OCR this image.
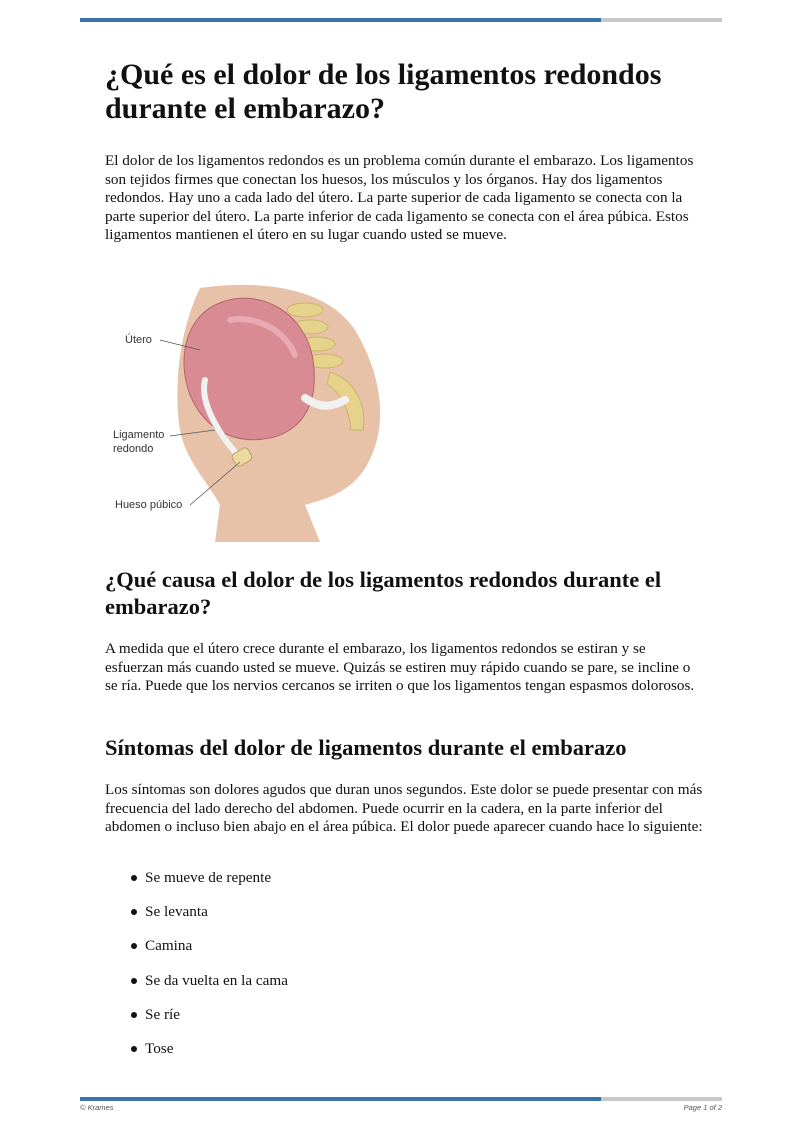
¿Qué es el dolor de los ligamentos redondos durante el embarazo?

El dolor de los ligamentos redondos es un problema común durante el embarazo. Los ligamentos son tejidos firmes que conectan los huesos, los músculos y los órganos. Hay dos ligamentos redondos. Hay uno a cada lado del útero. La parte superior de cada ligamento se conecta con la parte superior del útero. La parte inferior de cada ligamento se conecta con el área púbica. Estos ligamentos mantienen el útero en su lugar cuando usted se mueve.

Útero
Ligamento
redondo
Hueso púbico
¿Qué causa el dolor de los ligamentos redondos durante el embarazo?

A medida que el útero crece durante el embarazo, los ligamentos redondos se estiran y se esfuerzan más cuando usted se mueve. Quizás se estiren muy rápido cuando se pare, se incline o se ría. Puede que los nervios cercanos se irriten o que los ligamentos tengan espasmos dolorosos.

Síntomas del dolor de ligamentos durante el embarazo

Los síntomas son dolores agudos que duran unos segundos. Este dolor se puede presentar con más frecuencia del lado derecho del abdomen. Puede ocurrir en la cadera, en la parte inferior del abdomen o incluso bien abajo en el área púbica. El dolor puede aparecer cuando hace lo siguiente:

Se mueve de repente
Se levanta
Camina
Se da vuelta en la cama
Se ríe
Tose
© Krames	Page 1 of 2
